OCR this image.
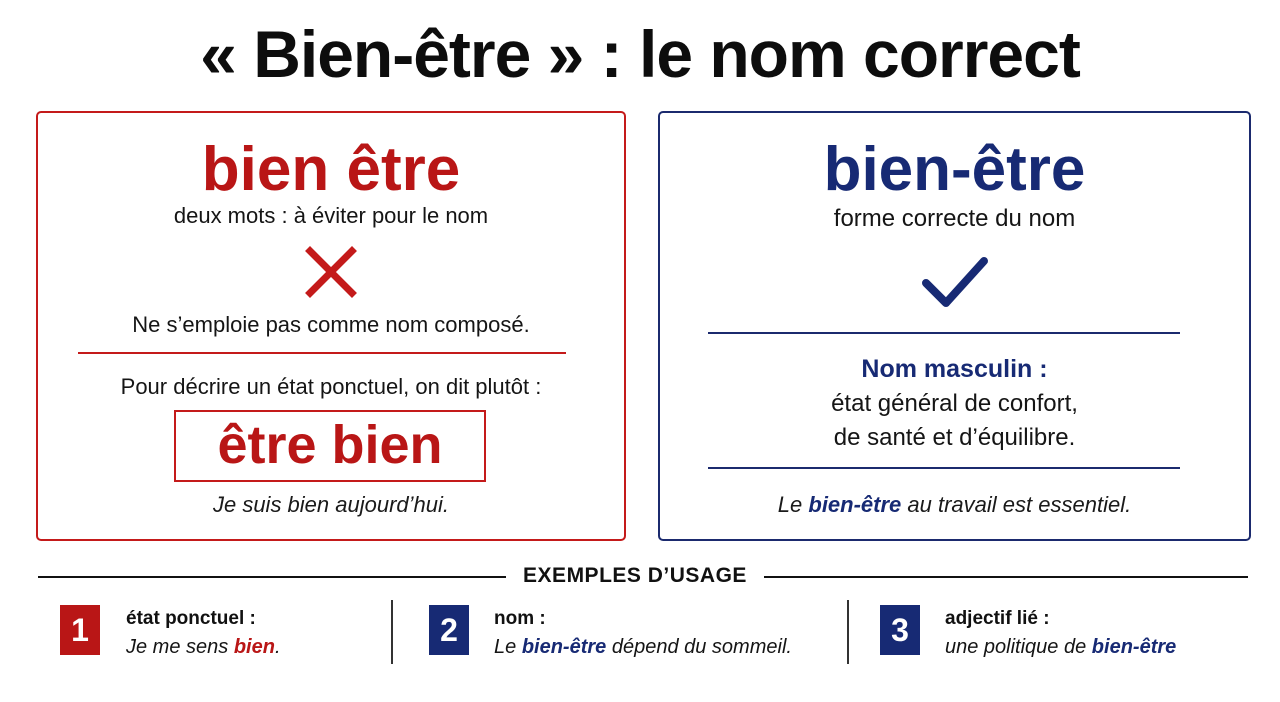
« Bien-être » : le nom correct

bien être

deux mots : à éviter pour le nom

Ne s’emploie pas comme nom composé.

Pour décrire un état ponctuel, on dit plutôt :

être bien

Je suis bien aujourd’hui.

bien-être

forme correcte du nom

Nom masculin :

état général de confort,

de santé et d’équilibre.

Le bien-être au travail est essentiel.

EXEMPLES D’USAGE
1	état ponctuel :
Je me sens bien.	2	nom :
Le bien-être dépend du sommeil.	3	adjectif lié :
une politique de bien-être
